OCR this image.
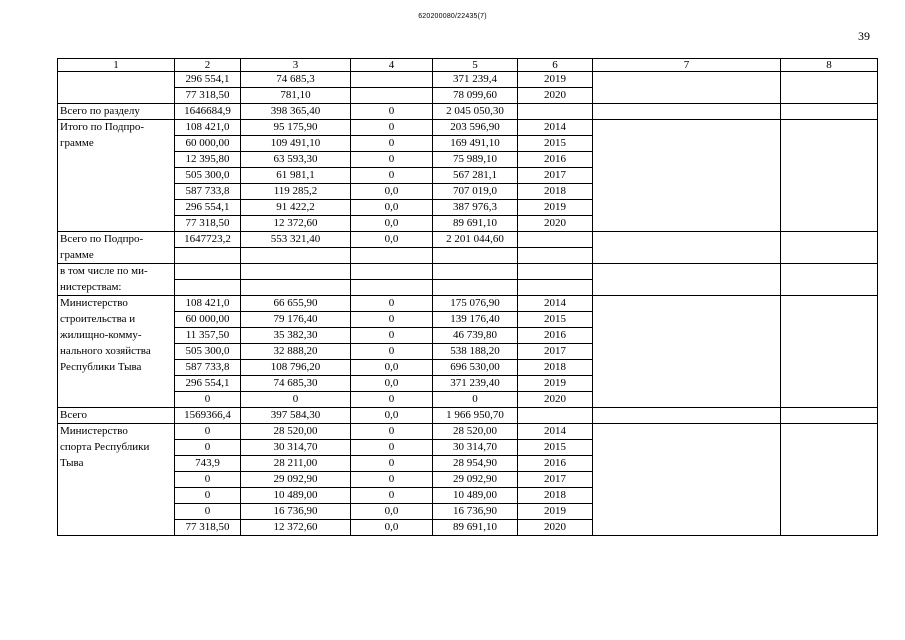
620200080/22435(7)
39
1	2	3	4	5	6	7	8
	296 554,1	74 685,3		371 239,4	2019		
	77 318,50	781,10		78 099,60	2020		
Всего по разделу	1646684,9	398 365,40	0	2 045 050,30			
Итого по Подпро-	108 421,0	95 175,90	0	203 596,90	2014		
грамме	60 000,00	109 491,10	0	169 491,10	2015		
	12 395,80	63 593,30	0	75 989,10	2016		
	505 300,0	61 981,1	0	567 281,1	2017		
	587 733,8	119 285,2	0,0	707 019,0	2018		
	296 554,1	91 422,2	0,0	387 976,3	2019		
	77 318,50	12 372,60	0,0	89 691,10	2020		
Всего по Подпро-	1647723,2	553 321,40	0,0	2 201 044,60			
грамме							
в том числе по ми-							
нистерствам:							
Министерство	108 421,0	66 655,90	0	175 076,90	2014		
строительства и	60 000,00	79 176,40	0	139 176,40	2015		
жилищно-комму-	11 357,50	35 382,30	0	46 739,80	2016		
нального хозяйства	505 300,0	32 888,20	0	538 188,20	2017		
Республики Тыва	587 733,8	108 796,20	0,0	696 530,00	2018		
	296 554,1	74 685,30	0,0	371 239,40	2019		
	0	0	0	0	2020		
Всего	1569366,4	397 584,30	0,0	1 966 950,70			
Министерство	0	28 520,00	0	28 520,00	2014		
спорта Республики	0	30 314,70	0	30 314,70	2015		
Тыва	743,9	28 211,00	0	28 954,90	2016		
	0	29 092,90	0	29 092,90	2017		
	0	10 489,00	0	10 489,00	2018		
	0	16 736,90	0,0	16 736,90	2019		
	77 318,50	12 372,60	0,0	89 691,10	2020		
